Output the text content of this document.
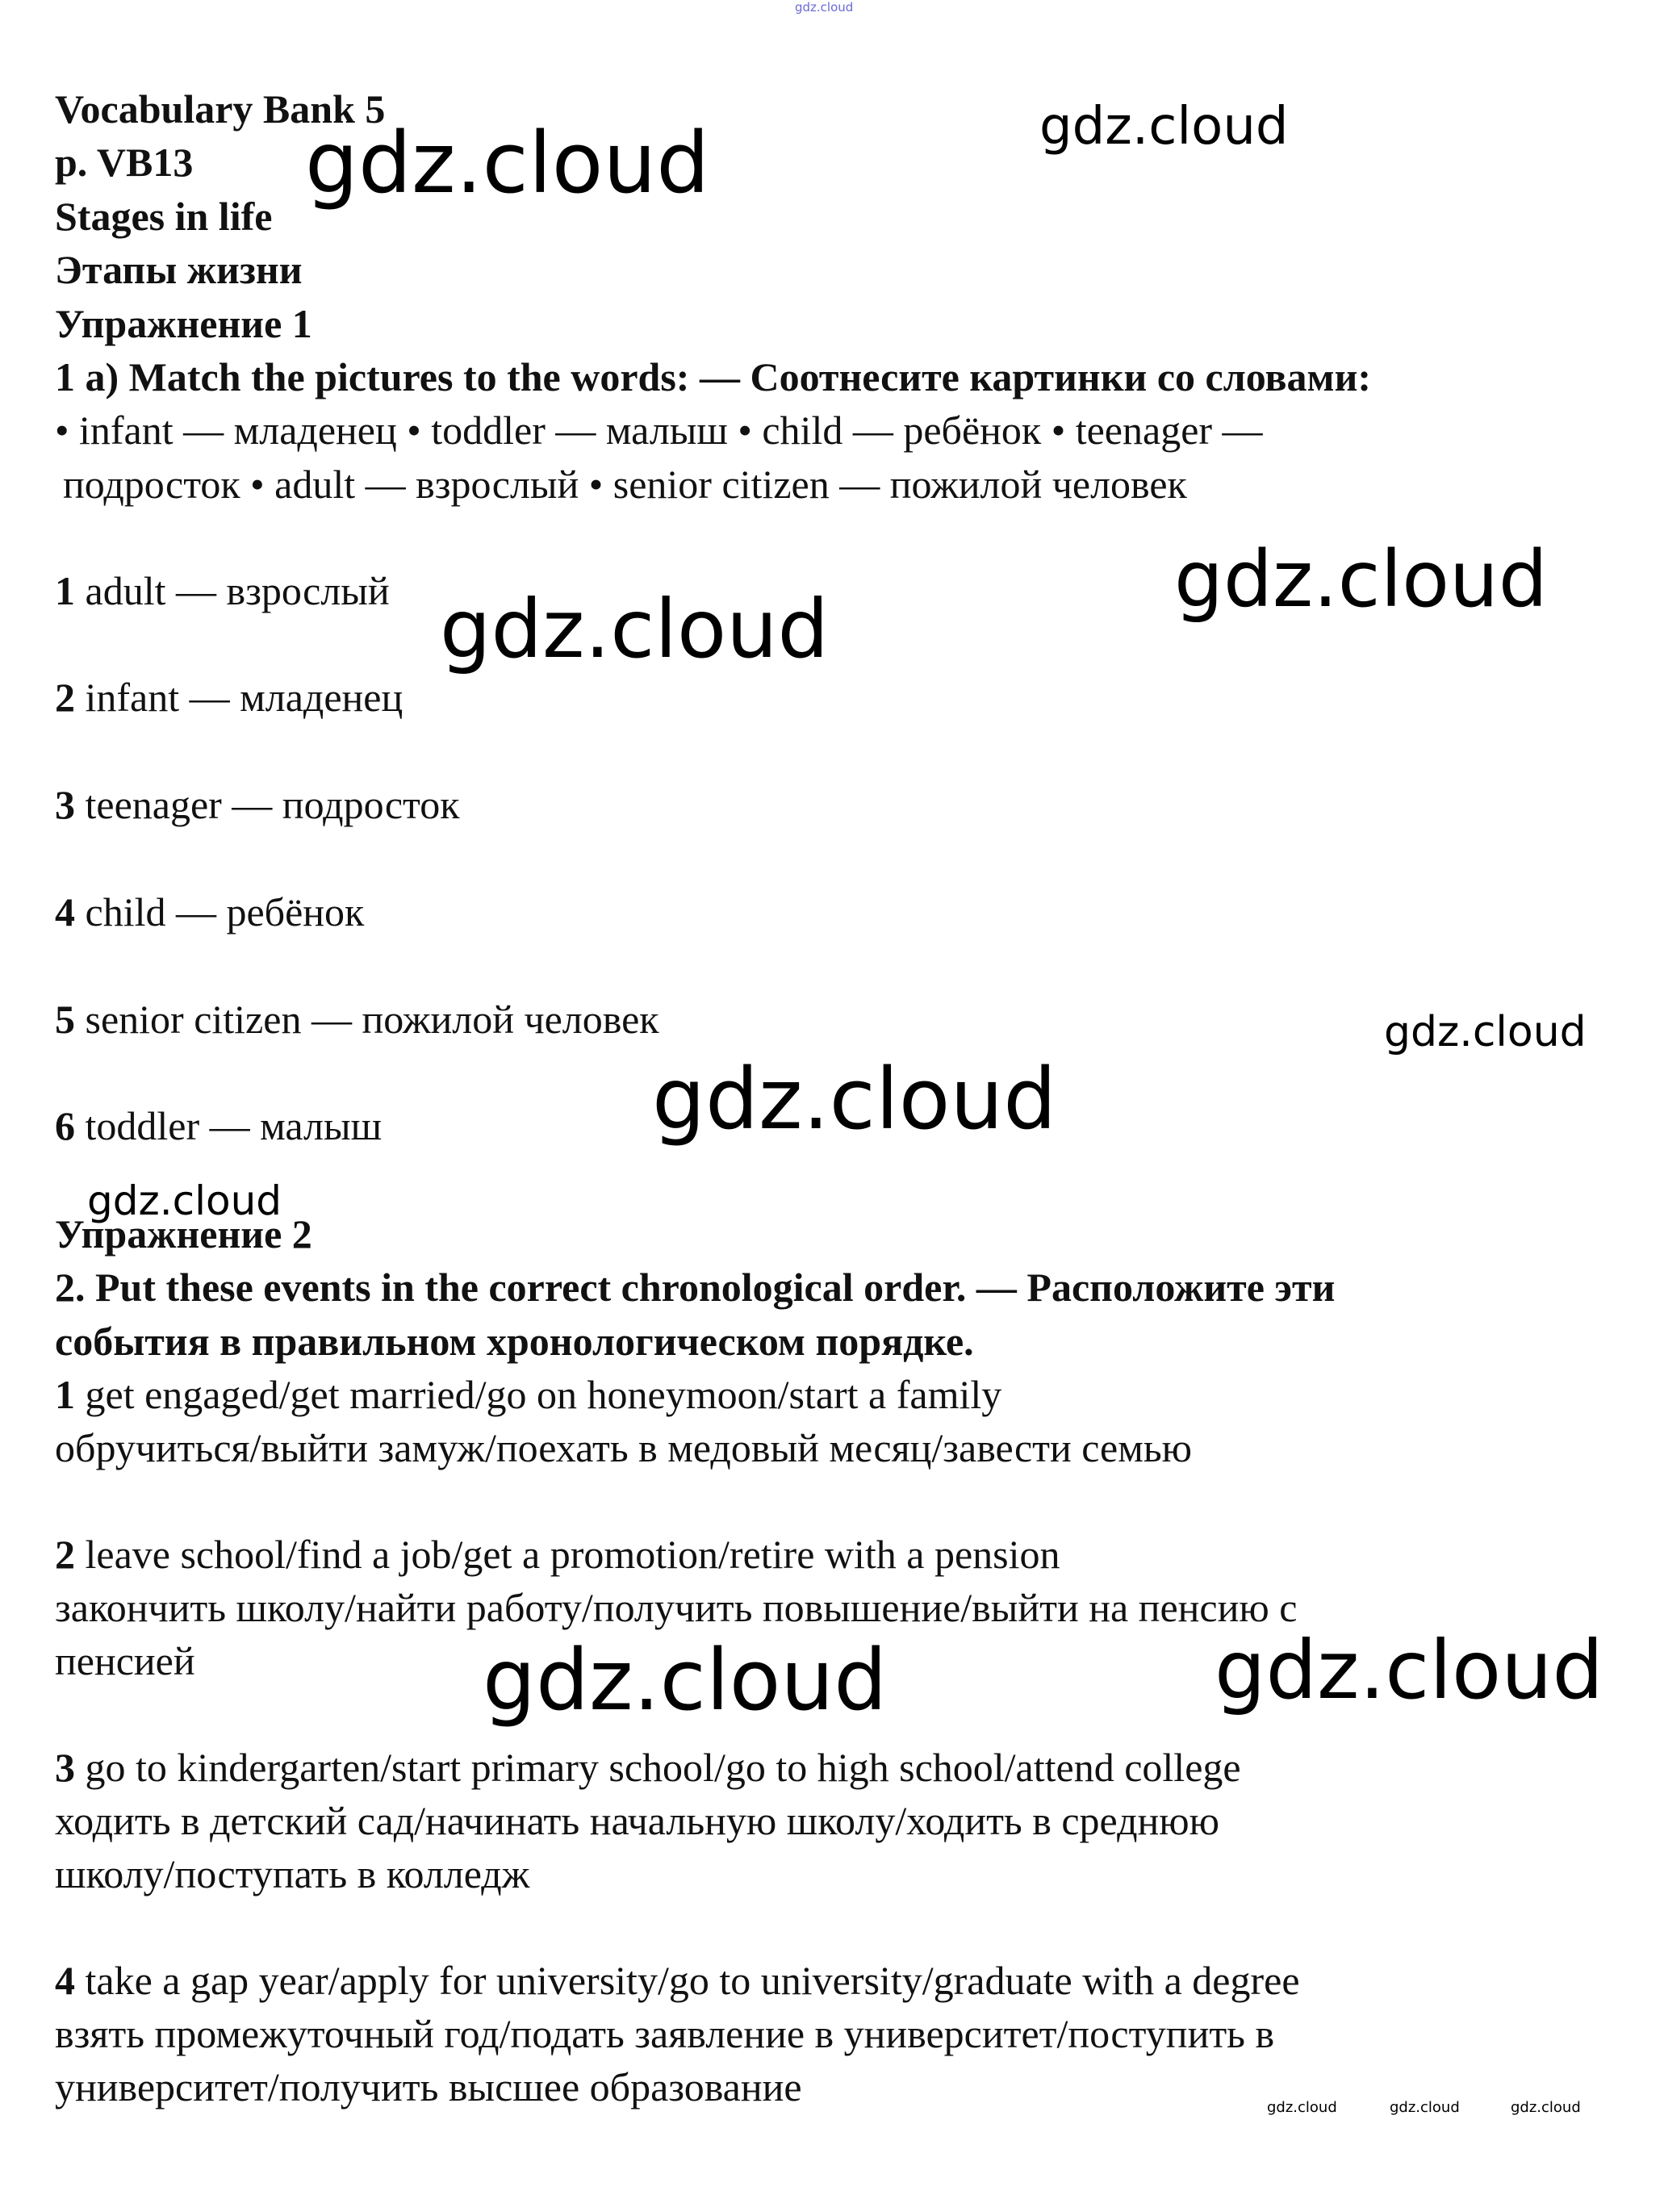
gdz.cloud
gdz.cloud
gdz.cloud
gdz.cloud
gdz.cloud
gdz.cloud
gdz.cloud
gdz.cloud
gdz.cloud	gdz.cloud
gdz.cloud	gdz.cloud	gdz.cloud
Vocabulary Bank 5
p. VB13
Stages in life
Этапы жизни
Упражнение 1
1 a) Match the pictures to the words: — Соотнесите картинки со словами:
• infant — младенец • toddler — малыш • child — ребёнок • teenager —
подросток • adult — взрослый • senior citizen — пожилой человек
1 adult — взрослый
2 infant — младенец
3 teenager — подросток
4 child — ребёнок
5 senior citizen — пожилой человек
6 toddler — малыш
Упражнение 2
2. Put these events in the correct chronological order. — Расположите эти
события в правильном хронологическом порядке.
1 get engaged/get married/go on honeymoon/start a family
обручиться/выйти замуж/поехать в медовый месяц/завести семью
2 leave school/find a job/get a promotion/retire with a pension
закончить школу/найти работу/получить повышение/выйти на пенсию с
пенсией
3 go to kindergarten/start primary school/go to high school/attend college
ходить в детский сад/начинать начальную школу/ходить в среднюю
школу/поступать в колледж
4 take a gap year/apply for university/go to university/graduate with a degree
взять промежуточный год/подать заявление в университет/поступить в
университет/получить высшее образование
